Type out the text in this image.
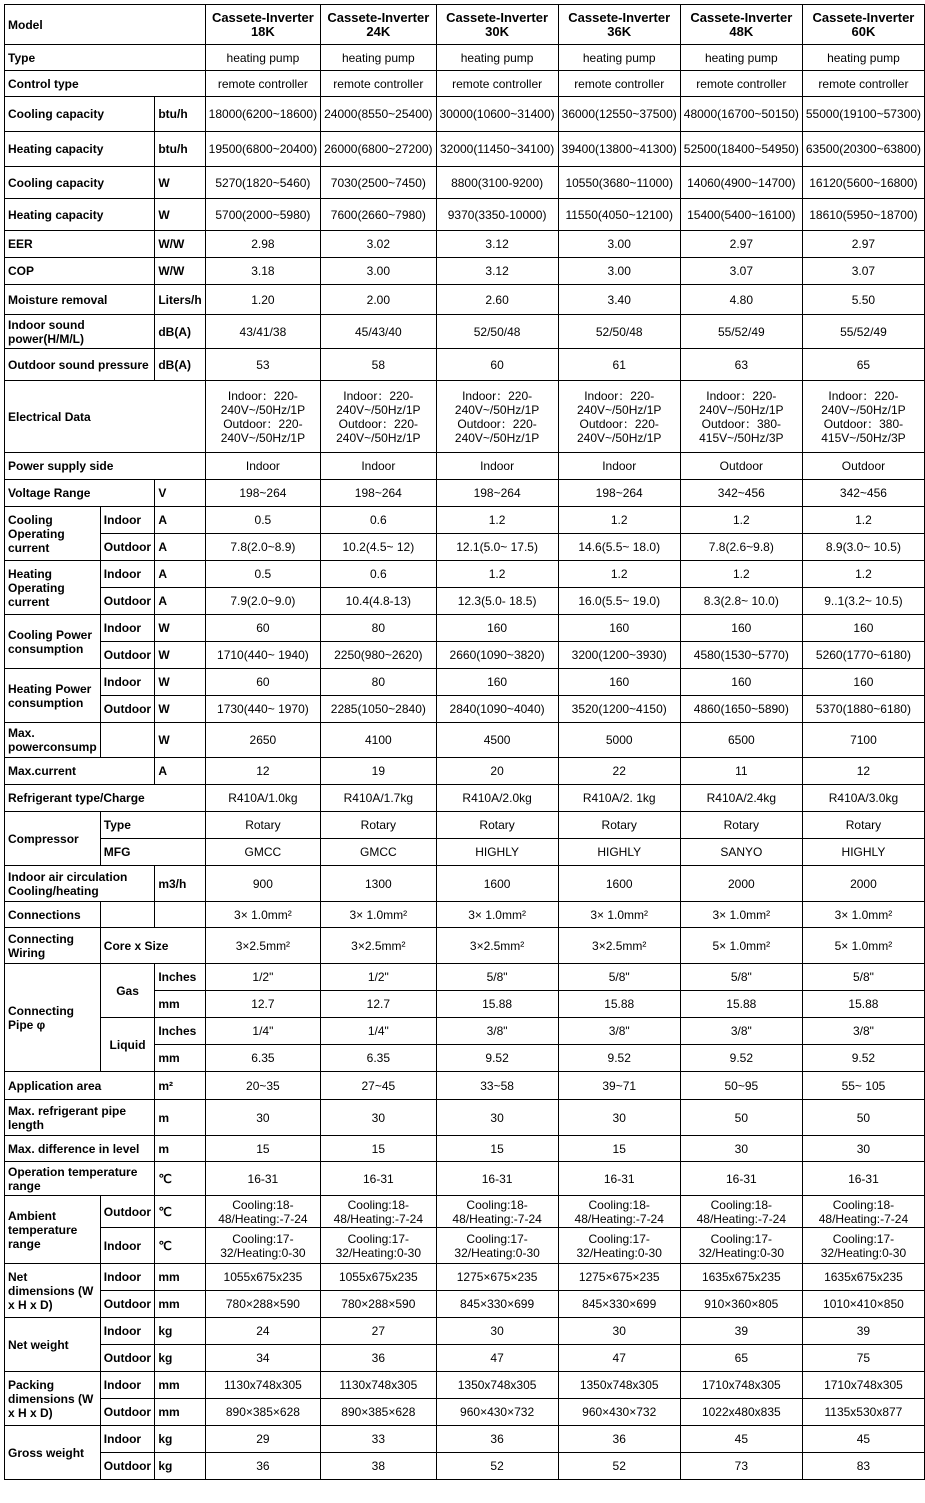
Model			Cassete-Inverter 18K	Cassete-Inverter 24K	Cassete-Inverter 30K	Cassete-Inverter 36K	Cassete-Inverter 48K	Cassete-Inverter 60K
Type			heating pump	heating pump	heating pump	heating pump	heating pump	heating pump
Control type			remote controller	remote controller	remote controller	remote controller	remote controller	remote controller
Cooling capacity		btu/h	18000(6200~18600)	24000(8550~25400)	30000(10600~31400)	36000(12550~37500)	48000(16700~50150)	55000(19100~57300)
Heating capacity		btu/h	19500(6800~20400)	26000(6800~27200)	32000(11450~34100)	39400(13800~41300)	52500(18400~54950)	63500(20300~63800)
Cooling capacity		W	5270(1820~5460)	7030(2500~7450)	8800(3100-9200)	10550(3680~11000)	14060(4900~14700)	16120(5600~16800)
Heating capacity		W	5700(2000~5980)	7600(2660~7980)	9370(3350-10000)	11550(4050~12100)	15400(5400~16100)	18610(5950~18700)
EER		W/W	2.98	3.02	3.12	3.00	2.97	2.97
COP		W/W	3.18	3.00	3.12	3.00	3.07	3.07
Moisture removal		Liters/h	1.20	2.00	2.60	3.40	4.80	5.50
Indoor sound power(H/M/L)		dB(A)	43/41/38	45/43/40	52/50/48	52/50/48	55/52/49	55/52/49
Outdoor sound pressure		dB(A)	53	58	60	61	63	65
Electrical Data			Indoor：220-240V~/50Hz/1P Outdoor：220-240V~/50Hz/1P	Indoor：220-240V~/50Hz/1P Outdoor：220-240V~/50Hz/1P	Indoor：220-240V~/50Hz/1P Outdoor：220-240V~/50Hz/1P	Indoor：220-240V~/50Hz/1P Outdoor：220-240V~/50Hz/1P	Indoor：220-240V~/50Hz/1P Outdoor：380-415V~/50Hz/3P	Indoor：220-240V~/50Hz/1P Outdoor：380-415V~/50Hz/3P
Power supply side			Indoor	Indoor	Indoor	Indoor	Outdoor	Outdoor
Voltage Range		V	198~264	198~264	198~264	198~264	342~456	342~456
Cooling Operating current	Indoor	A	0.5	0.6	1.2	1.2	1.2	1.2
	Outdoor	A	7.8(2.0~8.9)	10.2(4.5~ 12)	12.1(5.0~ 17.5)	14.6(5.5~ 18.0)	7.8(2.6~9.8)	8.9(3.0~ 10.5)
Heating Operating current	Indoor	A	0.5	0.6	1.2	1.2	1.2	1.2
	Outdoor	A	7.9(2.0~9.0)	10.4(4.8-13)	12.3(5.0- 18.5)	16.0(5.5~ 19.0)	8.3(2.8~ 10.0)	9..1(3.2~ 10.5)
Cooling Power consumption	Indoor	W	60	80	160	160	160	160
	Outdoor	W	1710(440~ 1940)	2250(980~2620)	2660(1090~3820)	3200(1200~3930)	4580(1530~5770)	5260(1770~6180)
Heating Power consumption	Indoor	W	60	80	160	160	160	160
	Outdoor	W	1730(440~ 1970)	2285(1050~2840)	2840(1090~4040)	3520(1200~4150)	4860(1650~5890)	5370(1880~6180)
Max. powerconsump		W	2650	4100	4500	5000	6500	7100
Max.current		A	12	19	20	22	11	12
Refrigerant type/Charge			R410A/1.0kg	R410A/1.7kg	R410A/2.0kg	R410A/2. 1kg	R410A/2.4kg	R410A/3.0kg
Compressor	Type		Rotary	Rotary	Rotary	Rotary	Rotary	Rotary
	MFG		GMCC	GMCC	HIGHLY	HIGHLY	SANYO	HIGHLY
Indoor air circulation Cooling/heating		m3/h	900	1300	1600	1600	2000	2000
Connections			3× 1.0mm²	3× 1.0mm²	3× 1.0mm²	3× 1.0mm²	3× 1.0mm²	3× 1.0mm²
Connecting Wiring	Core x Size		3×2.5mm²	3×2.5mm²	3×2.5mm²	3×2.5mm²	5× 1.0mm²	5× 1.0mm²
Connecting Pipe φ	Gas	Inches	1/2"	1/2"	5/8"	5/8"	5/8"	5/8"
		mm	12.7	12.7	15.88	15.88	15.88	15.88
	Liquid	Inches	1/4"	1/4"	3/8"	3/8"	3/8"	3/8"
		mm	6.35	6.35	9.52	9.52	9.52	9.52
Application area		m²	20~35	27~45	33~58	39~71	50~95	55~ 105
Max. refrigerant pipe length		m	30	30	30	30	50	50
Max. difference in level		m	15	15	15	15	30	30
Operation temperature range		℃	16-31	16-31	16-31	16-31	16-31	16-31
Ambient temperature range	Outdoor	℃	Cooling:18-48/Heating:-7-24	Cooling:18-48/Heating:-7-24	Cooling:18-48/Heating:-7-24	Cooling:18-48/Heating:-7-24	Cooling:18-48/Heating:-7-24	Cooling:18-48/Heating:-7-24
	Indoor	℃	Cooling:17-32/Heating:0-30	Cooling:17-32/Heating:0-30	Cooling:17-32/Heating:0-30	Cooling:17-32/Heating:0-30	Cooling:17-32/Heating:0-30	Cooling:17-32/Heating:0-30
Net dimensions (W x H x D)	Indoor	mm	1055x675x235	1055x675x235	1275×675×235	1275×675×235	1635x675x235	1635x675x235
	Outdoor	mm	780×288×590	780×288×590	845×330×699	845×330×699	910×360×805	1010×410×850
Net weight	Indoor	kg	24	27	30	30	39	39
	Outdoor	kg	34	36	47	47	65	75
Packing dimensions (W x H x D)	Indoor	mm	1130x748x305	1130x748x305	1350x748x305	1350x748x305	1710x748x305	1710x748x305
	Outdoor	mm	890×385×628	890×385×628	960×430×732	960×430×732	1022x480x835	1135x530x877
Gross weight	Indoor	kg	29	33	36	36	45	45
	Outdoor	kg	36	38	52	52	73	83
